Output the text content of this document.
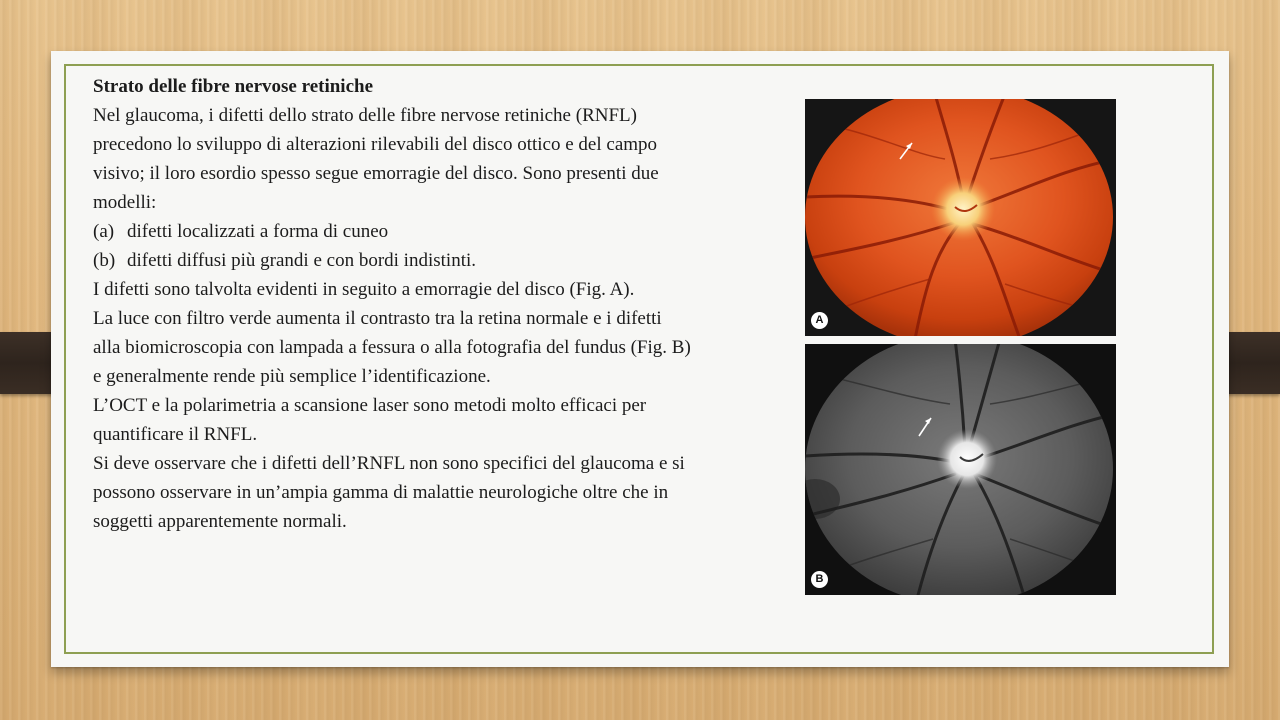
Strato delle fibre nervose retiniche

Nel glaucoma, i difetti dello strato delle fibre nervose retiniche (RNFL) precedono lo sviluppo di alterazioni rilevabili del disco ottico e del campo visivo; il loro esordio spesso segue emorragie del disco. Sono presenti due modelli:

(a) difetti localizzati a forma di cuneo
(b) difetti diffusi più grandi e con bordi indistinti.

I difetti sono talvolta evidenti in seguito a emorragie del disco (Fig. A).

La luce con filtro verde aumenta il contrasto tra la retina normale e i difetti alla biomicroscopia con lampada a fessura o alla fotografia del fundus (Fig. B) e generalmente rende più semplice l’identificazione.

L’OCT e la polarimetria a scansione laser sono metodi molto efficaci per quantificare il RNFL.

Si deve osservare che i difetti dell’RNFL non sono specifici del glaucoma e si possono osservare in un’ampia gamma di malattie neurologiche oltre che in soggetti apparentemente normali.

A
B
